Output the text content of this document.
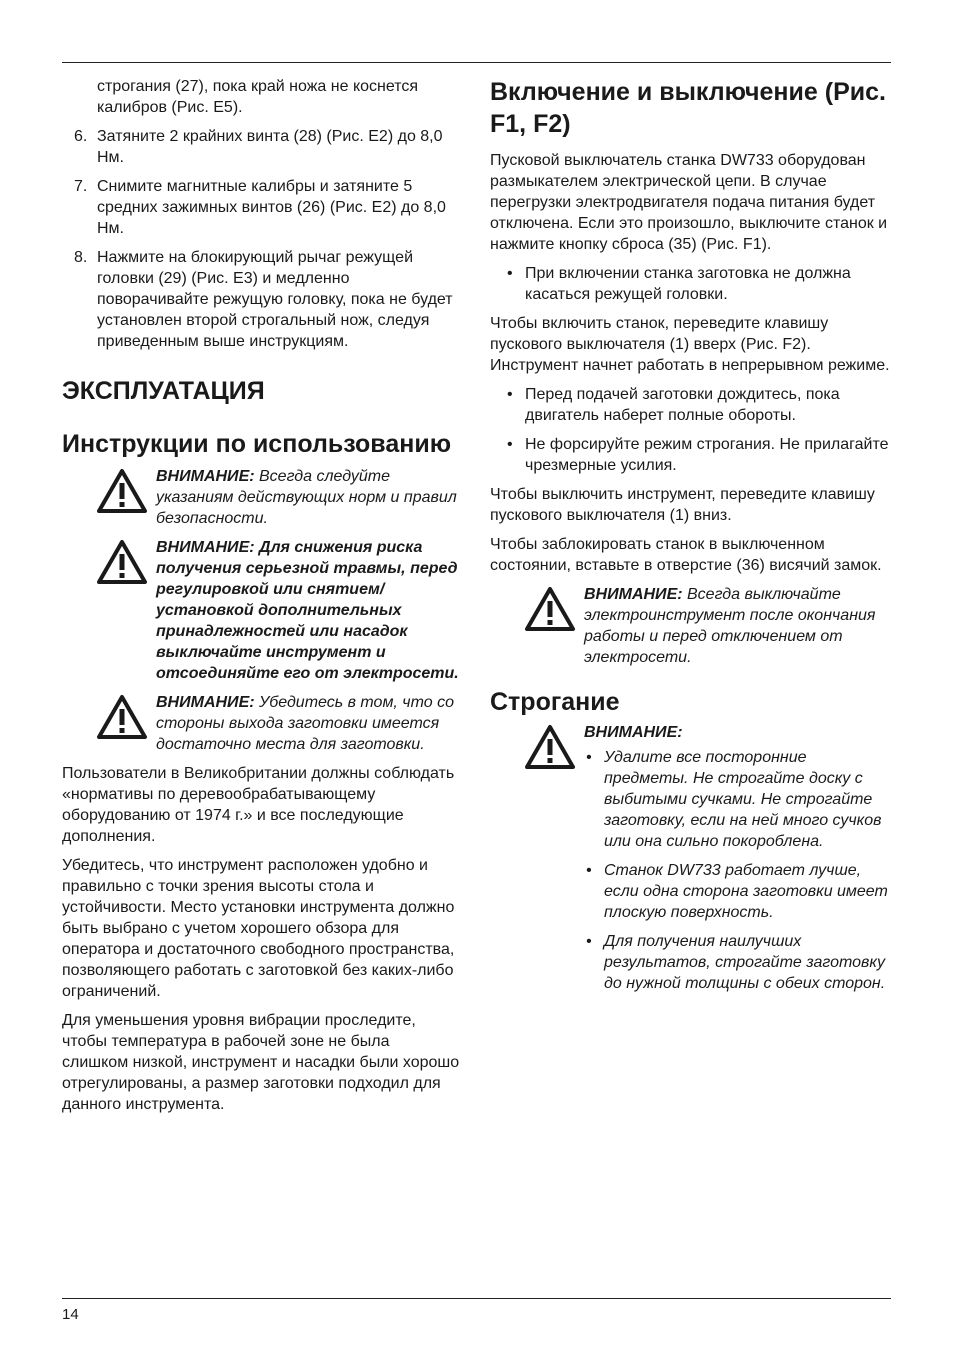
строгания (27), пока край ножа не коснется калибров (Рис. E5).

6. Затяните 2 крайних винта (28) (Рис. E2) до 8,0 Нм.
7. Снимите магнитные калибры и затяните 5 средних зажимных винтов (26) (Рис. E2) до 8,0 Нм.
8. Нажмите на блокирующий рычаг режущей головки (29) (Рис. E3) и медленно поворачивайте режущую головку, пока не будет установлен второй строгальный нож, следуя приведенным выше инструкциям.
ЭКСПЛУАТАЦИЯ
Инструкции по использованию
ВНИМАНИЕ: Всегда следуйте указаниям действующих норм и правил безопасности.
ВНИМАНИЕ: Для снижения риска получения серьезной травмы, перед регулировкой или снятием/установкой дополнительных принадлежностей или насадок выключайте инструмент и отсоединяйте его от электросети.
ВНИМАНИЕ: Убедитесь в том, что со стороны выхода заготовки имеется достаточно места для заготовки.

Пользователи в Великобритании должны соблюдать «нормативы по деревообрабатывающему оборудованию от 1974 г.» и все последующие дополнения.

Убедитесь, что инструмент расположен удобно и правильно с точки зрения высоты стола и устойчивости. Место установки инструмента должно быть выбрано с учетом хорошего обзора для оператора и достаточного свободного пространства, позволяющего работать с заготовкой без каких-либо ограничений.

Для уменьшения уровня вибрации проследите, чтобы температура в рабочей зоне не была слишком низкой, инструмент и насадки были хорошо отрегулированы, а размер заготовки подходил для данного инструмента.

Включение и выключение (Рис. F1, F2)

Пусковой выключатель станка DW733 оборудован размыкателем электрической цепи. В случае перегрузки электродвигателя подача питания будет отключена. Если это произошло, выключите станок и нажмите кнопку сброса (35) (Рис. F1).

• При включении станка заготовка не должна касаться режущей головки.

Чтобы включить станок, переведите клавишу пускового выключателя (1) вверх (Рис. F2). Инструмент начнет работать в непрерывном режиме.

• Перед подачей заготовки дождитесь, пока двигатель наберет полные обороты.
• Не форсируйте режим строгания. Не прилагайте чрезмерные усилия.

Чтобы выключить инструмент, переведите клавишу пускового выключателя (1) вниз.

Чтобы заблокировать станок в выключенном состоянии, вставьте в отверстие (36) висячий замок.

ВНИМАНИЕ: Всегда выключайте электроинструмент после окончания работы и перед отключением от электросети.
Строгание
ВНИМАНИЕ:
• Удалите все посторонние предметы. Не строгайте доску с выбитыми сучками. Не строгайте заготовку, если на ней много сучков или она сильно покороблена.
• Станок DW733 работает лучше, если одна сторона заготовки имеет плоскую поверхность.
• Для получения наилучших результатов, строгайте заготовку до нужной толщины с обеих сторон.
14
